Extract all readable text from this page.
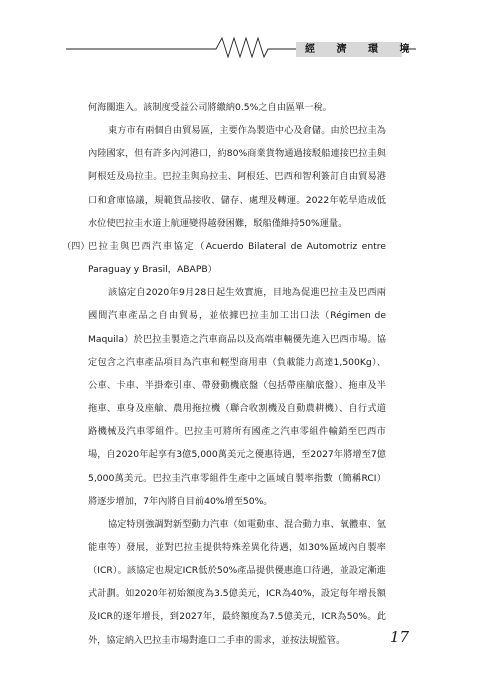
經 濟 環 境

何海關進入。該制度受益公司將繳納0.5%之自由區單一稅。

東方市有兩個自由貿易區，主要作為製造中心及倉儲。由於巴拉圭為內陸國家，但有許多內河港口，約80%商業貨物通過接駁船連接巴拉圭與阿根廷及烏拉圭。巴拉圭與烏拉圭、阿根廷、巴西和智利簽訂自由貿易港口和倉庫協議，規範貨品接收、儲存、處理及轉運。2022年乾旱造成低水位使巴拉圭水道上航運變得越發困難，駁船僅維持50%運量。

（四）
巴拉圭與巴西汽車協定（Acuerdo Bilateral de Automotriz entre Paraguay y Brasil，ABAPB）

該協定自2020年9月28日起生效實施，目地為促進巴拉圭及巴西兩國間汽車產品之自由貿易，並依據巴拉圭加工出口法（Régimen de Maquila）於巴拉圭製造之汽車商品以及高端車輛優先進入巴西市場。協定包含之汽車產品項目為汽車和輕型商用車（負載能力高達1,500Kg）、公車、卡車、半掛牽引車、帶發動機底盤（包括帶座艙底盤）、拖車及半拖車、車身及座艙、農用拖拉機（聯合收割機及自動農耕機）、自行式道路機械及汽車零組件。巴拉圭可將所有國產之汽車零組件輸銷至巴西市場，自2020年起享有3億5,000萬美元之優惠待遇，至2027年將增至7億5,000萬美元。巴拉圭汽車零組件生產中之區域自製率指數（簡稱RCI）將逐步增加，7年內將自目前40%增至50%。

協定特別強調對新型動力汽車（如電動車、混合動力車、氧體車、氫能車等）發展，並對巴拉圭提供特殊差異化待遇，如30%區域內自製率（ICR）。該協定也規定ICR低於50%產品提供優惠進口待遇，並設定漸進式計劃。如2020年初始額度為3.5億美元，ICR為40%，設定每年增長額及ICR的逐年增長，到2027年，最終額度為7.5億美元，ICR為50%。此外，協定納入巴拉圭市場對進口二手車的需求，並按法規監管。	17
